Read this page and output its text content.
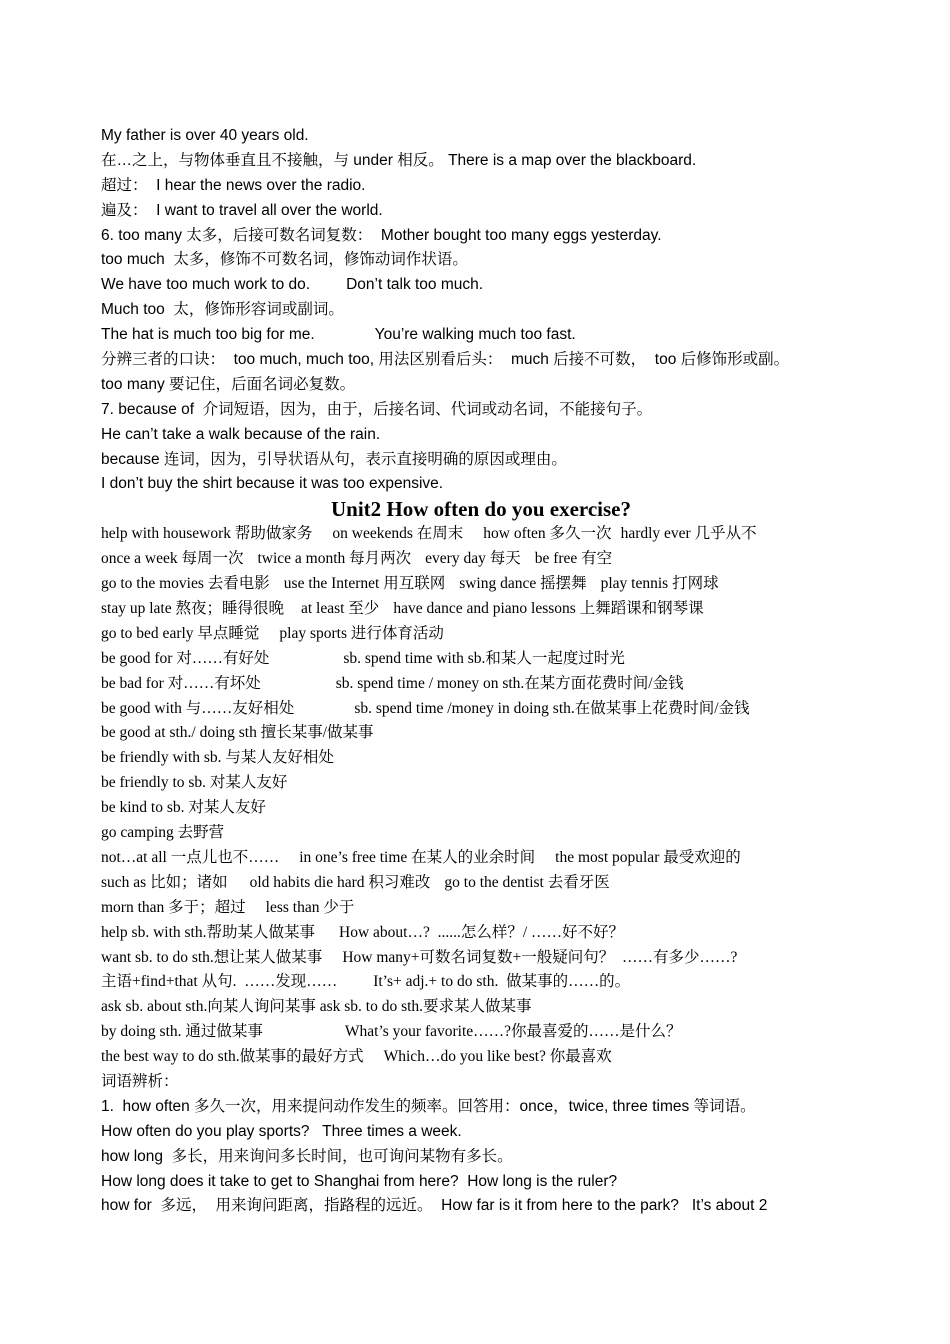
My father is over 40 years old.
在…之上，与物体垂直且不接触，与 under 相反。 There is a map over the blackboard.
超过：  I hear the news over the radio.
遍及：  I want to travel all over the world.
6. too many 太多，后接可数名词复数：  Mother bought too many eggs yesterday.
too much  太多，修饰不可数名词，修饰动词作状语。
We have too much work to do. Don’t talk too much.
Much too  太，修饰形容词或副词。
The hat is much too big for me.	You’re walking much too fast.
分辨三者的口诀：  too much, much too, 用法区别看后头：  much 后接不可数，  too 后修饰形或副。
too many 要记住，后面名词必复数。
7. because of  介词短语，因为，由于，后接名词、代词或动名词，不能接句子。
He can’t take a walk because of the rain.
because 连词，因为，引导状语从句，表示直接明确的原因或理由。
I don’t buy the shirt because it was too expensive.
Unit2 How often do you exercise?
help with housework 帮助做家务 on weekends 在周末 how often 多久一次 hardly ever 几乎从不
once a week 每周一次 twice a month 每月两次 every day 每天 be free 有空
go to the movies 去看电影 use the Internet 用互联网 swing dance 摇摆舞 play tennis 打网球
stay up late 熬夜；睡得很晚 at least 至少 have dance and piano lessons 上舞蹈课和钢琴课
go to bed early 早点睡觉 play sports 进行体育活动
be good for 对……有好处	sb. spend time with sb.和某人一起度过时光
be bad for 对……有坏处	sb. spend time / money on sth.在某方面花费时间/金钱
be good with 与……友好相处	sb. spend time /money in doing sth.在做某事上花费时间/金钱
be good at sth./ doing sth 擅长某事/做某事
be friendly with sb. 与某人友好相处
be friendly to sb. 对某人友好
be kind to sb. 对某人友好
go camping 去野营
not…at all 一点儿也不…… in one’s free time 在某人的业余时间 the most popular 最受欢迎的
such as 比如；诸如 old habits die hard 积习难改 go to the dentist 去看牙医
morn than 多于；超过 less than 少于
help sb. with sth.帮助某人做某事 How about…?  ......怎么样？/ ……好不好？
want sb. to do sth.想让某人做某事 How many+可数名词复数+一般疑问句？  ……有多少……?
主语+find+that 从句.  ……发现…… It’s+ adj.+ to do sth.  做某事的……的。
ask sb. about sth.向某人询问某事 ask sb. to do sth.要求某人做某事
by doing sth. 通过做某事	What’s your favorite……?你最喜爱的……是什么？
the best way to do sth.做某事的最好方式 Which…do you like best? 你最喜欢
词语辨析：
1.  how often 多久一次，用来提问动作发生的频率。回答用：once，twice, three times 等词语。
How often do you play sports?   Three times a week.
how long  多长，用来询问多长时间，也可询问某物有多长。
How long does it take to get to Shanghai from here?  How long is the ruler?
how for  多远，  用来询问距离，指路程的远近。  How far is it from here to the park?   It’s about 2
